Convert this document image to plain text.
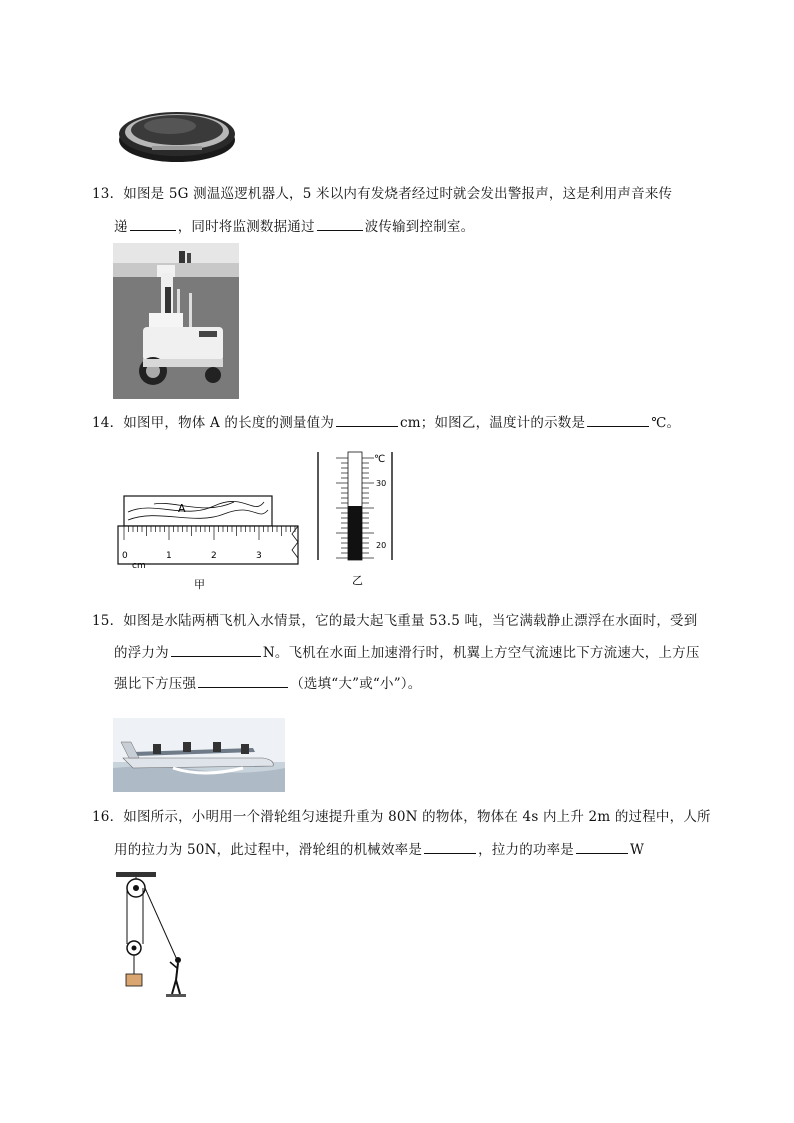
13．如图是 5G 测温巡逻机器人，5 米以内有发烧者经过时就会发出警报声，这是利用声音来传
递	，同时将监测数据通过	波传输到控制室。
14．如图甲，物体 A 的长度的测量值为	cm；如图乙，温度计的示数是	℃。
A
0	1	2	3
cm
甲
℃
30
20
乙
15．如图是水陆两栖飞机入水情景，它的最大起飞重量 53.5 吨，当它满载静止漂浮在水面时，受到
的浮力为	N。飞机在水面上加速滑行时，机翼上方空气流速比下方流速大，上方压
强比下方压强	（选填“大”或“小”）。
16．如图所示，小明用一个滑轮组匀速提升重为 80N 的物体，物体在 4s 内上升 2m 的过程中，人所
用的拉力为 50N，此过程中，滑轮组的机械效率是	，拉力的功率是	W
